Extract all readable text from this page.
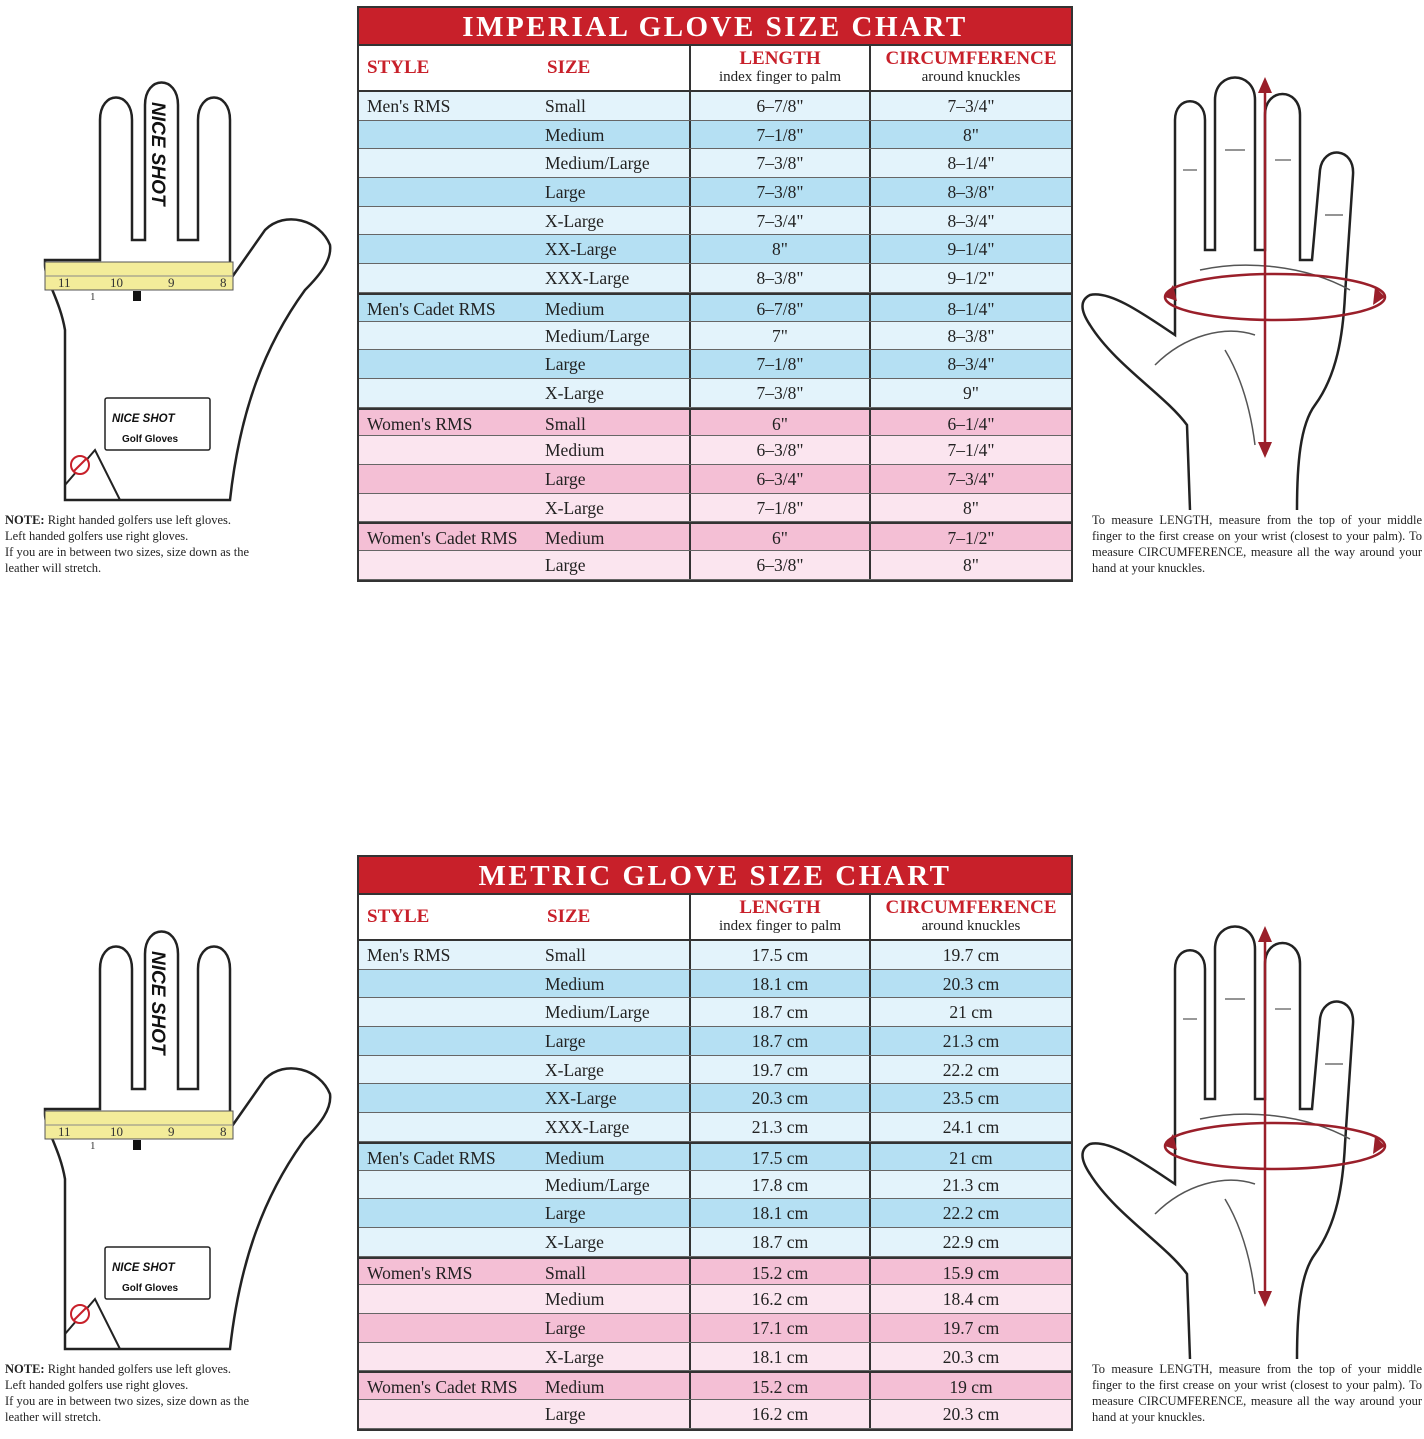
11	10	9	8
1
NICE SHOT
NICE SHOT
Golf Gloves
NOTE: Right handed golfers use left gloves.
Left handed golfers use right gloves.
If you are in between two sizes, size down as the
leather will stretch.
IMPERIAL GLOVE SIZE CHART
STYLE	SIZE	LENGTH
index finger to palm
CIRCUMFERENCE
around knuckles
Men's RMS	Small	6–7/8"	7–3/4"
Medium	7–1/8"	8"
Medium/Large	7–3/8"	8–1/4"
Large	7–3/8"	8–3/8"
X-Large	7–3/4"	8–3/4"
XX-Large	8"	9–1/4"
XXX-Large	8–3/8"	9–1/2"
Men's Cadet RMS	Medium	6–7/8"	8–1/4"
Medium/Large	7"	8–3/8"
Large	7–1/8"	8–3/4"
X-Large	7–3/8"	9"
Women's RMS	Small	6"	6–1/4"
Medium	6–3/8"	7–1/4"
Large	6–3/4"	7–3/4"
X-Large	7–1/8"	8"
Women's Cadet RMS	Medium	6"	7–1/2"
Large	6–3/8"	8"
To measure LENGTH, measure from the top of your middle finger to the first crease on your wrist (closest to your palm). To measure CIRCUMFERENCE, measure all the way around your hand at your knuckles.
11	10	9	8
1
NICE SHOT
NICE SHOT
Golf Gloves
NOTE: Right handed golfers use left gloves.
Left handed golfers use right gloves.
If you are in between two sizes, size down as the
leather will stretch.
METRIC GLOVE SIZE CHART
STYLE	SIZE	LENGTH
index finger to palm
CIRCUMFERENCE
around knuckles
Men's RMS	Small	17.5 cm	19.7 cm
Medium	18.1 cm	20.3 cm
Medium/Large	18.7 cm	21 cm
Large	18.7 cm	21.3 cm
X-Large	19.7 cm	22.2 cm
XX-Large	20.3 cm	23.5 cm
XXX-Large	21.3 cm	24.1 cm
Men's Cadet RMS	Medium	17.5 cm	21 cm
Medium/Large	17.8 cm	21.3 cm
Large	18.1 cm	22.2 cm
X-Large	18.7 cm	22.9 cm
Women's RMS	Small	15.2 cm	15.9 cm
Medium	16.2 cm	18.4 cm
Large	17.1 cm	19.7 cm
X-Large	18.1 cm	20.3 cm
Women's Cadet RMS	Medium	15.2 cm	19 cm
Large	16.2 cm	20.3 cm
To measure LENGTH, measure from the top of your middle finger to the first crease on your wrist (closest to your palm). To measure CIRCUMFERENCE, measure all the way around your hand at your knuckles.
